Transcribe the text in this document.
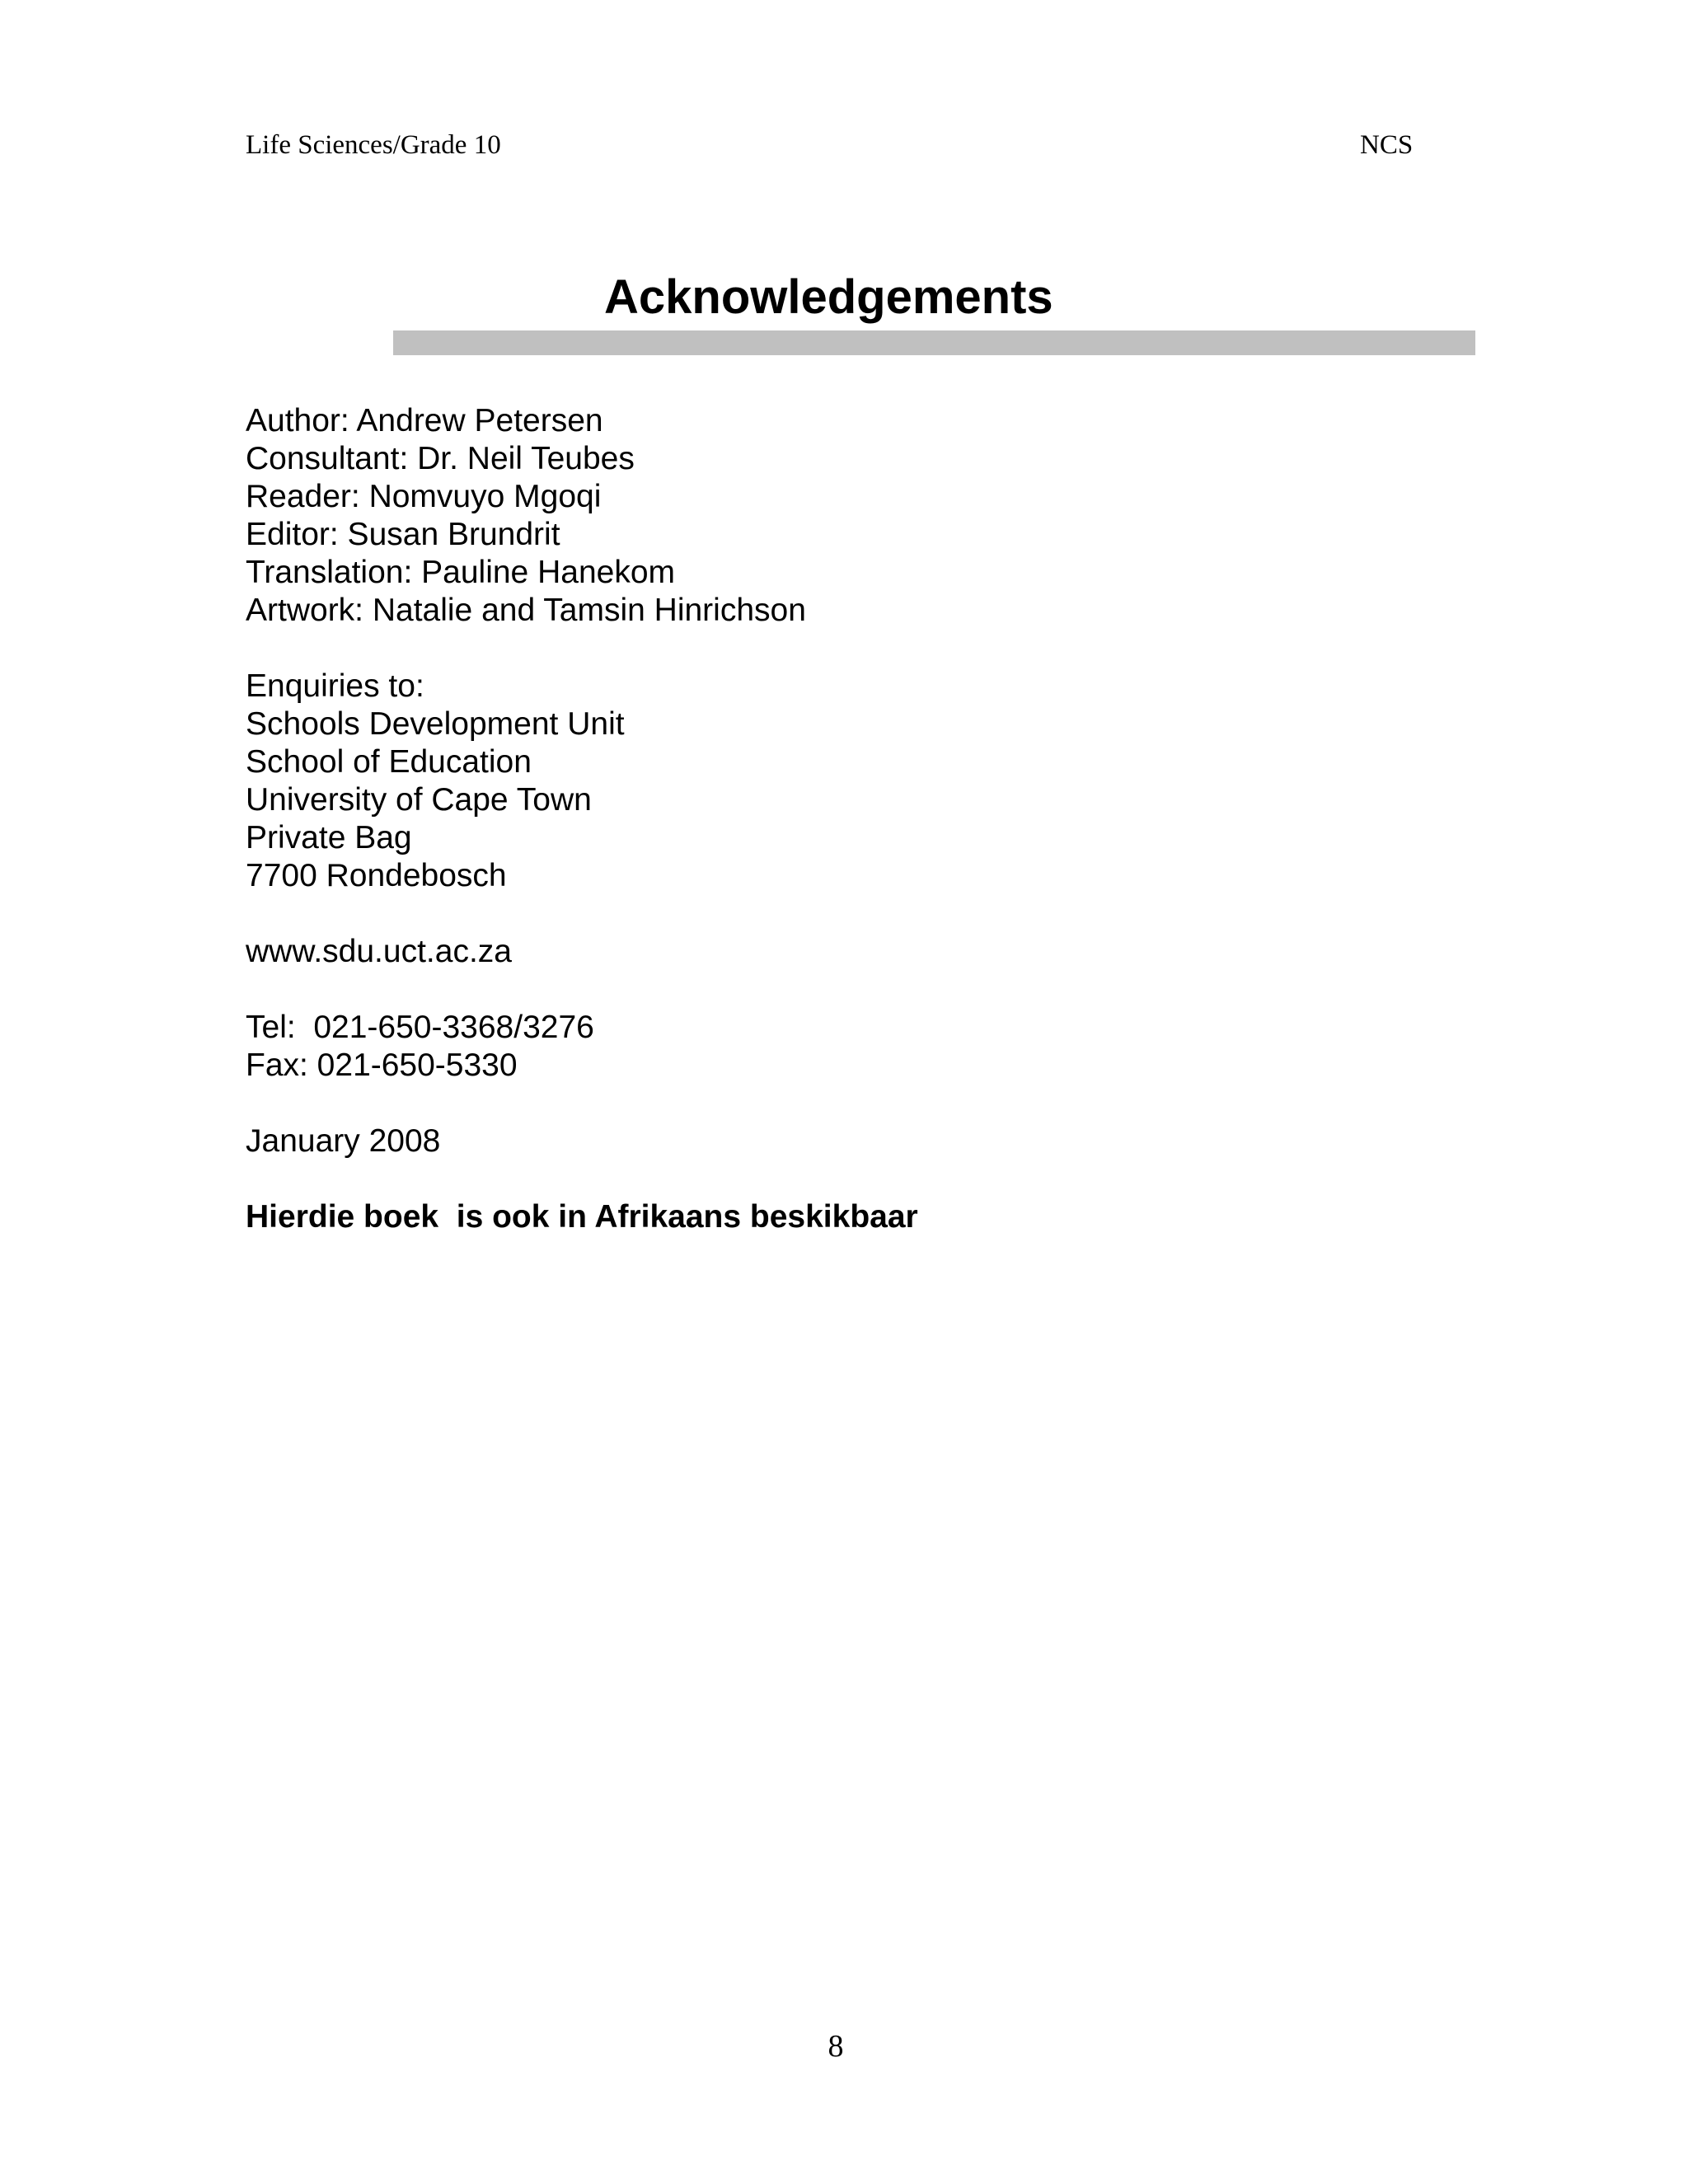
Life Sciences/Grade 10	NCS
Acknowledgements
Author: Andrew Petersen
Consultant: Dr. Neil Teubes
Reader: Nomvuyo Mgoqi
Editor: Susan Brundrit
Translation: Pauline Hanekom
Artwork: Natalie and Tamsin Hinrichson
Enquiries to:
Schools Development Unit
School of Education
University of Cape Town
Private Bag
7700 Rondebosch
www.sdu.uct.ac.za
Tel:  021-650-3368/3276
Fax: 021-650-5330
January 2008
Hierdie boek  is ook in Afrikaans beskikbaar
8
